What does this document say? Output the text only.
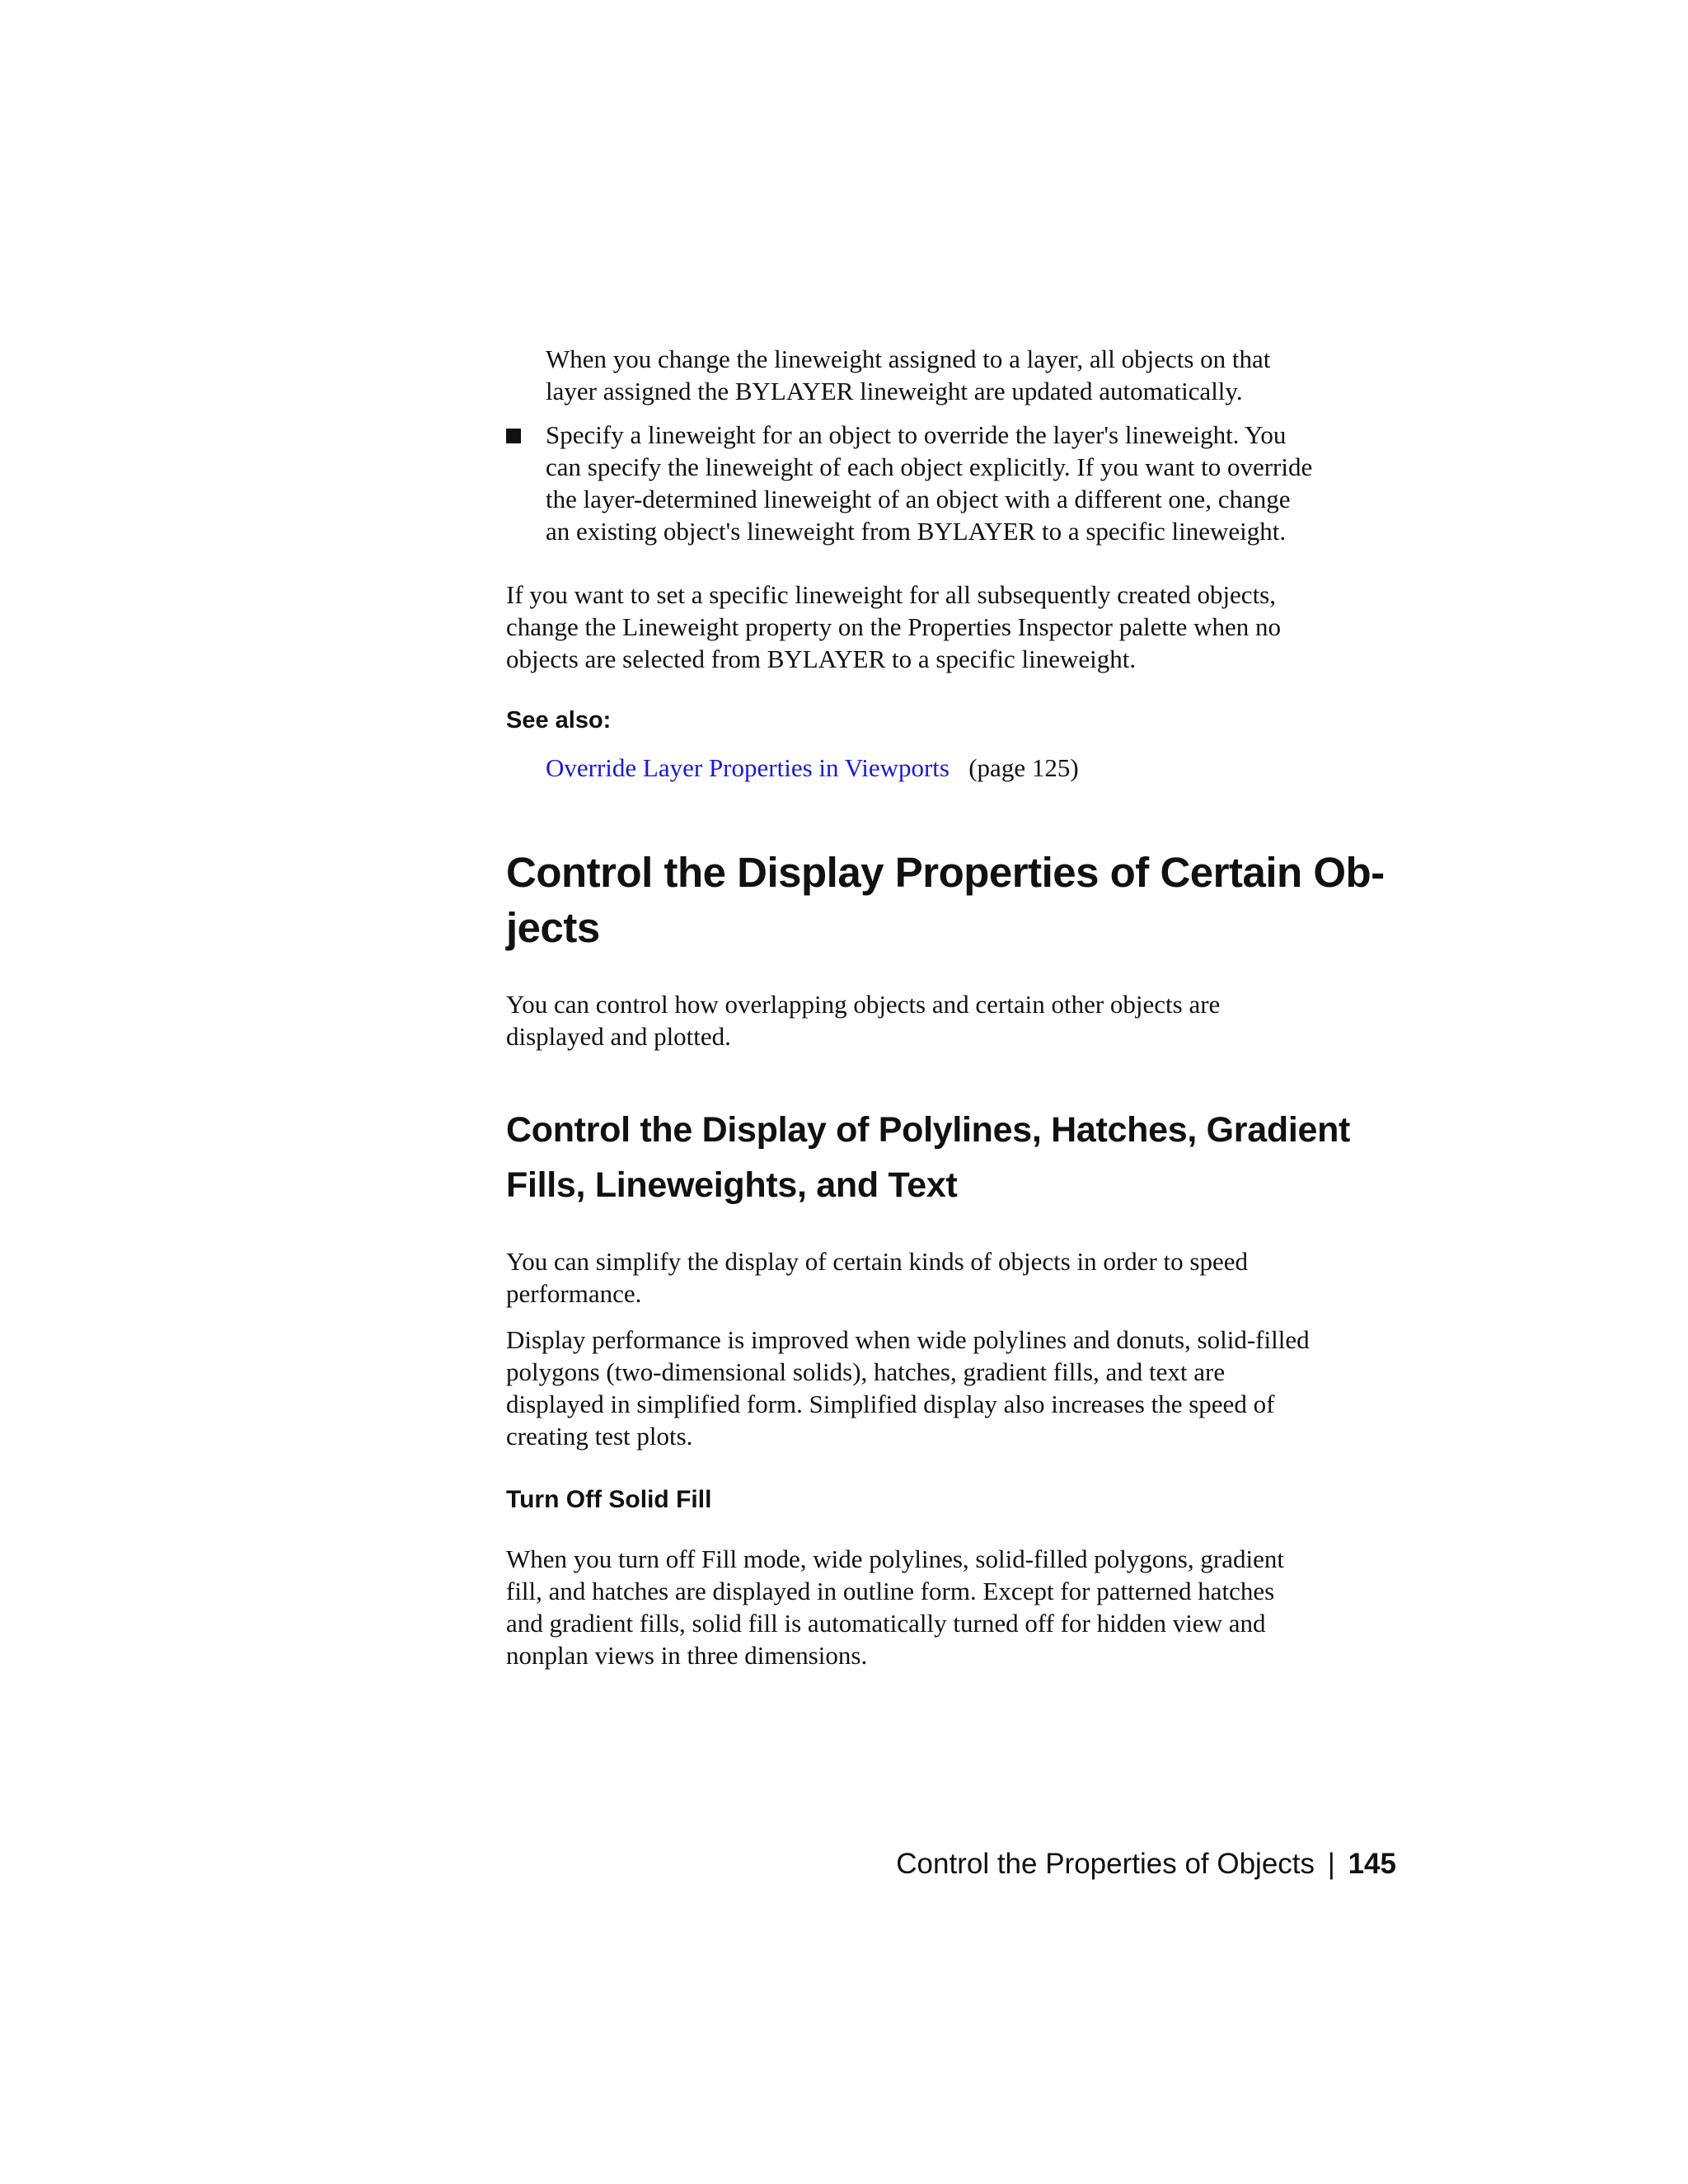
When you change the lineweight assigned to a layer, all objects on that
layer assigned the BYLAYER lineweight are updated automatically.
Specify a lineweight for an object to override the layer's lineweight. You
can specify the lineweight of each object explicitly. If you want to override
the layer-determined lineweight of an object with a different one, change
an existing object's lineweight from BYLAYER to a specific lineweight.
If you want to set a specific lineweight for all subsequently created objects,
change the Lineweight property on the Properties Inspector palette when no
objects are selected from BYLAYER to a specific lineweight.
See also:
Override Layer Properties in Viewports (page 125)
Control the Display Properties of Certain Ob-
jects
You can control how overlapping objects and certain other objects are
displayed and plotted.
Control the Display of Polylines, Hatches, Gradient
Fills, Lineweights, and Text
You can simplify the display of certain kinds of objects in order to speed
performance.
Display performance is improved when wide polylines and donuts, solid-filled
polygons (two-dimensional solids), hatches, gradient fills, and text are
displayed in simplified form. Simplified display also increases the speed of
creating test plots.
Turn Off Solid Fill
When you turn off Fill mode, wide polylines, solid-filled polygons, gradient
fill, and hatches are displayed in outline form. Except for patterned hatches
and gradient fills, solid fill is automatically turned off for hidden view and
nonplan views in three dimensions.
Control the Properties of Objects | 145
